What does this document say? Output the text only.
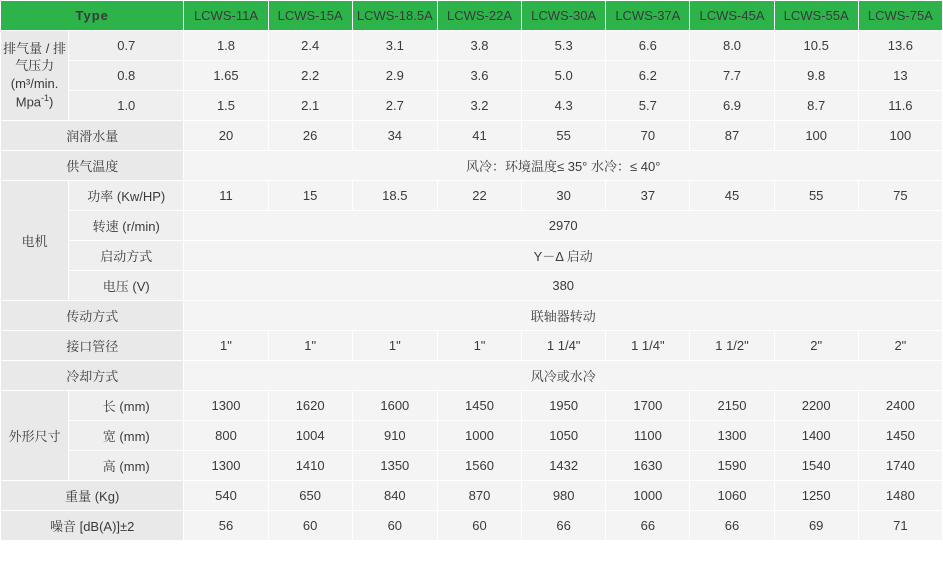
Type		LCWS-11A	LCWS-15A	LCWS-18.5A	LCWS-22A	LCWS-30A	LCWS-37A	LCWS-45A	LCWS-55A	LCWS-75A

排气量 / 排
气压力
(m³/min.
Mpa$^{-1}$)	0.7	1.8	2.4	3.1	3.8	5.3	6.6	8.0	10.5	13.6
	0.8	1.65	2.2	2.9	3.6	5.0	6.2	7.7	9.8	13
	1.0	1.5	2.1	2.7	3.2	4.3	5.7	6.9	8.7	11.6
润滑水量		20	26	34	41	55	70	87	100	100
供气温度		风冷：环境温度≤ 35° 水冷：≤ 40°								
电机	功率 (Kw/HP)	11	15	18.5	22	30	37	45	55	75
	转速 (r/min)	2970								
	启动方式	Y－Δ 启动								
	电压 (V)	380								
传动方式		联轴器转动								
接口管径		1"	1"	1"	1"	1 1/4"	1 1/4"	1 1/2"	2"	2"
冷却方式		风冷或水冷								
外形尺寸	长 (mm)	1300	1620	1600	1450	1950	1700	2150	2200	2400
	宽 (mm)	800	1004	910	1000	1050	1100	1300	1400	1450
	高 (mm)	1300	1410	1350	1560	1432	1630	1590	1540	1740
重量 (Kg)		540	650	840	870	980	1000	1060	1250	1480
噪音 [dB(A)]±2		56	60	60	60	66	66	66	69	71
